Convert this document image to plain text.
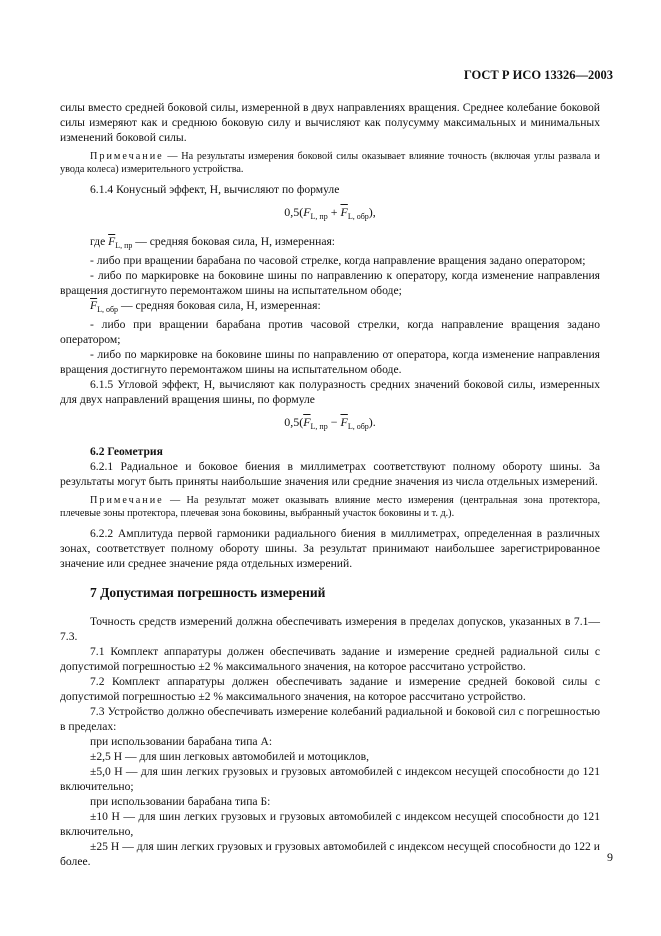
ГОСТ Р ИСО 13326—2003

силы вместо средней боковой силы, измеренной в двух направлениях вращения. Среднее колебание боковой силы измеряют как и среднюю боковую силу и вычисляют как полусумму максимальных и минимальных изменений боковой силы.

Примечание — На результаты измерения боковой силы оказывает влияние точность (включая углы развала и увода колеса) измерительного устройства.

6.1.4 Конусный эффект, Н, вычисляют по формуле

$0,5(F_{L, пр} + \overline{F}_{L, обр})$,

где $\overline{F}_{L, пр}$ — средняя боковая сила, Н, измеренная:

- либо при вращении барабана по часовой стрелке, когда направление вращения задано оператором;

- либо по маркировке на боковине шины по направлению к оператору, когда изменение направления вращения достигнуто перемонтажом шины на испытательном ободе;

$\overline{F}_{L, обр}$ — средняя боковая сила, Н, измеренная:

- либо при вращении барабана против часовой стрелки, когда направление вращения задано оператором;

- либо по маркировке на боковине шины по направлению от оператора, когда изменение направления вращения достигнуто перемонтажом шины на испытательном ободе.

6.1.5 Угловой эффект, Н, вычисляют как полуразность средних значений боковой силы, измеренных для двух направлений вращения шины, по формуле

$0,5(\overline{F}_{L, пр} - \overline{F}_{L, обр})$.

6.2 Геометрия

6.2.1 Радиальное и боковое биения в миллиметрах соответствуют полному обороту шины. За результаты могут быть приняты наибольшие значения или средние значения из числа отдельных измерений.

Примечание — На результат может оказывать влияние место измерения (центральная зона протектора, плечевые зоны протектора, плечевая зона боковины, выбранный участок боковины и т. д.).

6.2.2 Амплитуда первой гармоники радиального биения в миллиметрах, определенная в различных зонах, соответствует полному обороту шины. За результат принимают наибольшее зарегистрированное значение или среднее значение ряда отдельных измерений.

7 Допустимая погрешность измерений

Точность средств измерений должна обеспечивать измерения в пределах допусков, указанных в 7.1—7.3.

7.1 Комплект аппаратуры должен обеспечивать задание и измерение средней радиальной силы с допустимой погрешностью ±2 % максимального значения, на которое рассчитано устройство.

7.2 Комплект аппаратуры должен обеспечивать задание и измерение средней боковой силы с допустимой погрешностью ±2 % максимального значения, на которое рассчитано устройство.

7.3 Устройство должно обеспечивать измерение колебаний радиальной и боковой сил с погрешностью в пределах:

при использовании барабана типа А:

±2,5 Н — для шин легковых автомобилей и мотоциклов,

±5,0 Н — для шин легких грузовых и грузовых автомобилей с индексом несущей способности до 121 включительно;

при использовании барабана типа Б:

±10 Н — для шин легких грузовых и грузовых автомобилей с индексом несущей способности до 121 включительно,

±25 Н — для шин легких грузовых и грузовых автомобилей с индексом несущей способности до 122 и более.	9
